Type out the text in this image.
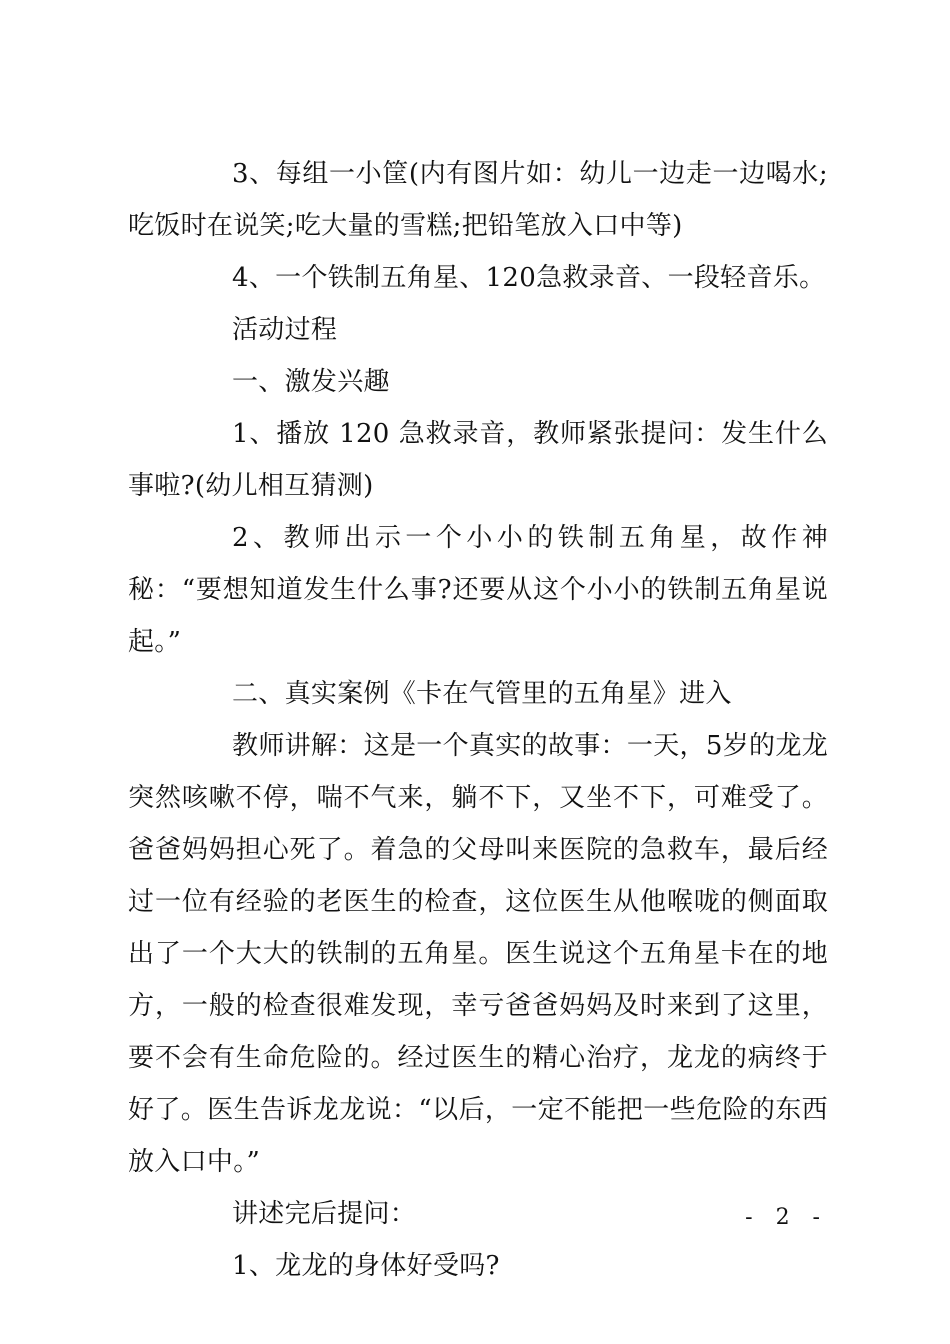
3、每组一小筐(内有图片如：幼儿一边走一边喝水;吃饭时在说笑;吃大量的雪糕;把铅笔放入口中等)

4、一个铁制五角星、120急救录音、一段轻音乐。

活动过程

一、激发兴趣

1、播放 120 急救录音，教师紧张提问：发生什么事啦?(幼儿相互猜测)

2、教师出示一个小小的铁制五角星，故作神秘：“要想知道发生什么事?还要从这个小小的铁制五角星说起。”

二、真实案例《卡在气管里的五角星》进入

教师讲解：这是一个真实的故事：一天，5岁的龙龙突然咳嗽不停，喘不气来，躺不下，又坐不下，可难受了。爸爸妈妈担心死了。着急的父母叫来医院的急救车，最后经过一位有经验的老医生的检查，这位医生从他喉咙的侧面取出了一个大大的铁制的五角星。医生说这个五角星卡在的地方，一般的检查很难发现，幸亏爸爸妈妈及时来到了这里，要不会有生命危险的。经过医生的精心治疗，龙龙的病终于好了。医生告诉龙龙说：“以后，一定不能把一些危险的东西放入口中。”

讲述完后提问：

1、龙龙的身体好受吗?

- 2 -
